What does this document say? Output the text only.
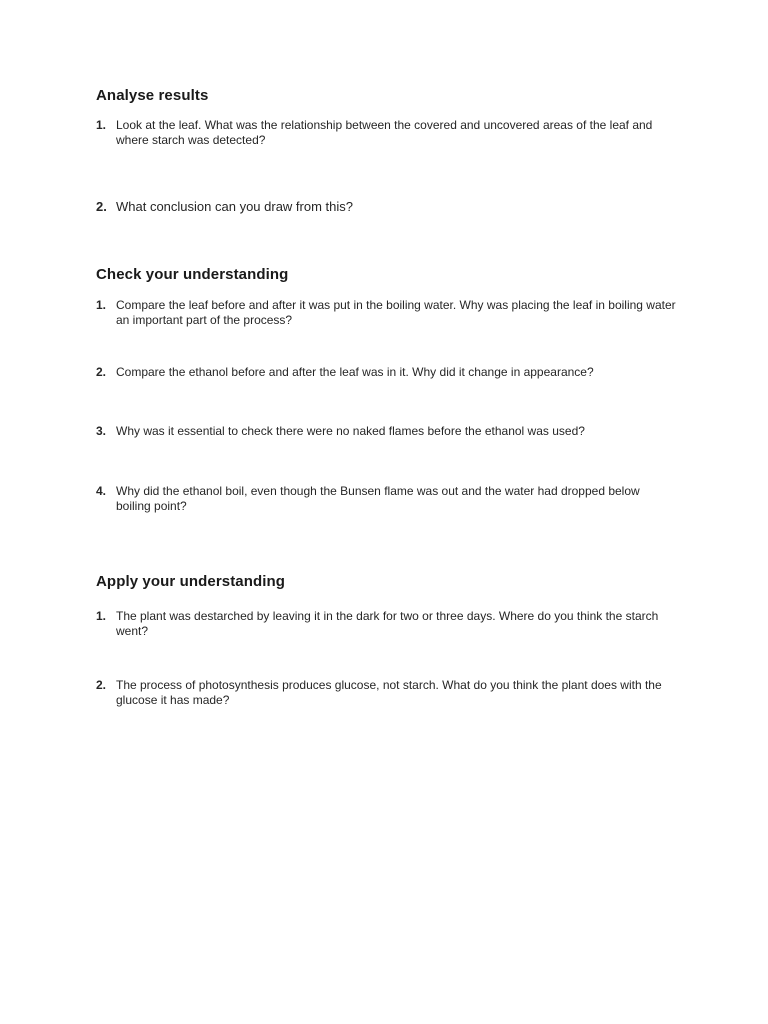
Analyse results
1. Look at the leaf. What was the relationship between the covered and uncovered areas of the leaf and where starch was detected?
2. What conclusion can you draw from this?
Check your understanding
1. Compare the leaf before and after it was put in the boiling water. Why was placing the leaf in boiling water an important part of the process?
2. Compare the ethanol before and after the leaf was in it. Why did it change in appearance?
3. Why was it essential to check there were no naked flames before the ethanol was used?
4. Why did the ethanol boil, even though the Bunsen flame was out and the water had dropped below boiling point?
Apply your understanding
1. The plant was destarched by leaving it in the dark for two or three days. Where do you think the starch went?
2. The process of photosynthesis produces glucose, not starch. What do you think the plant does with the glucose it has made?
